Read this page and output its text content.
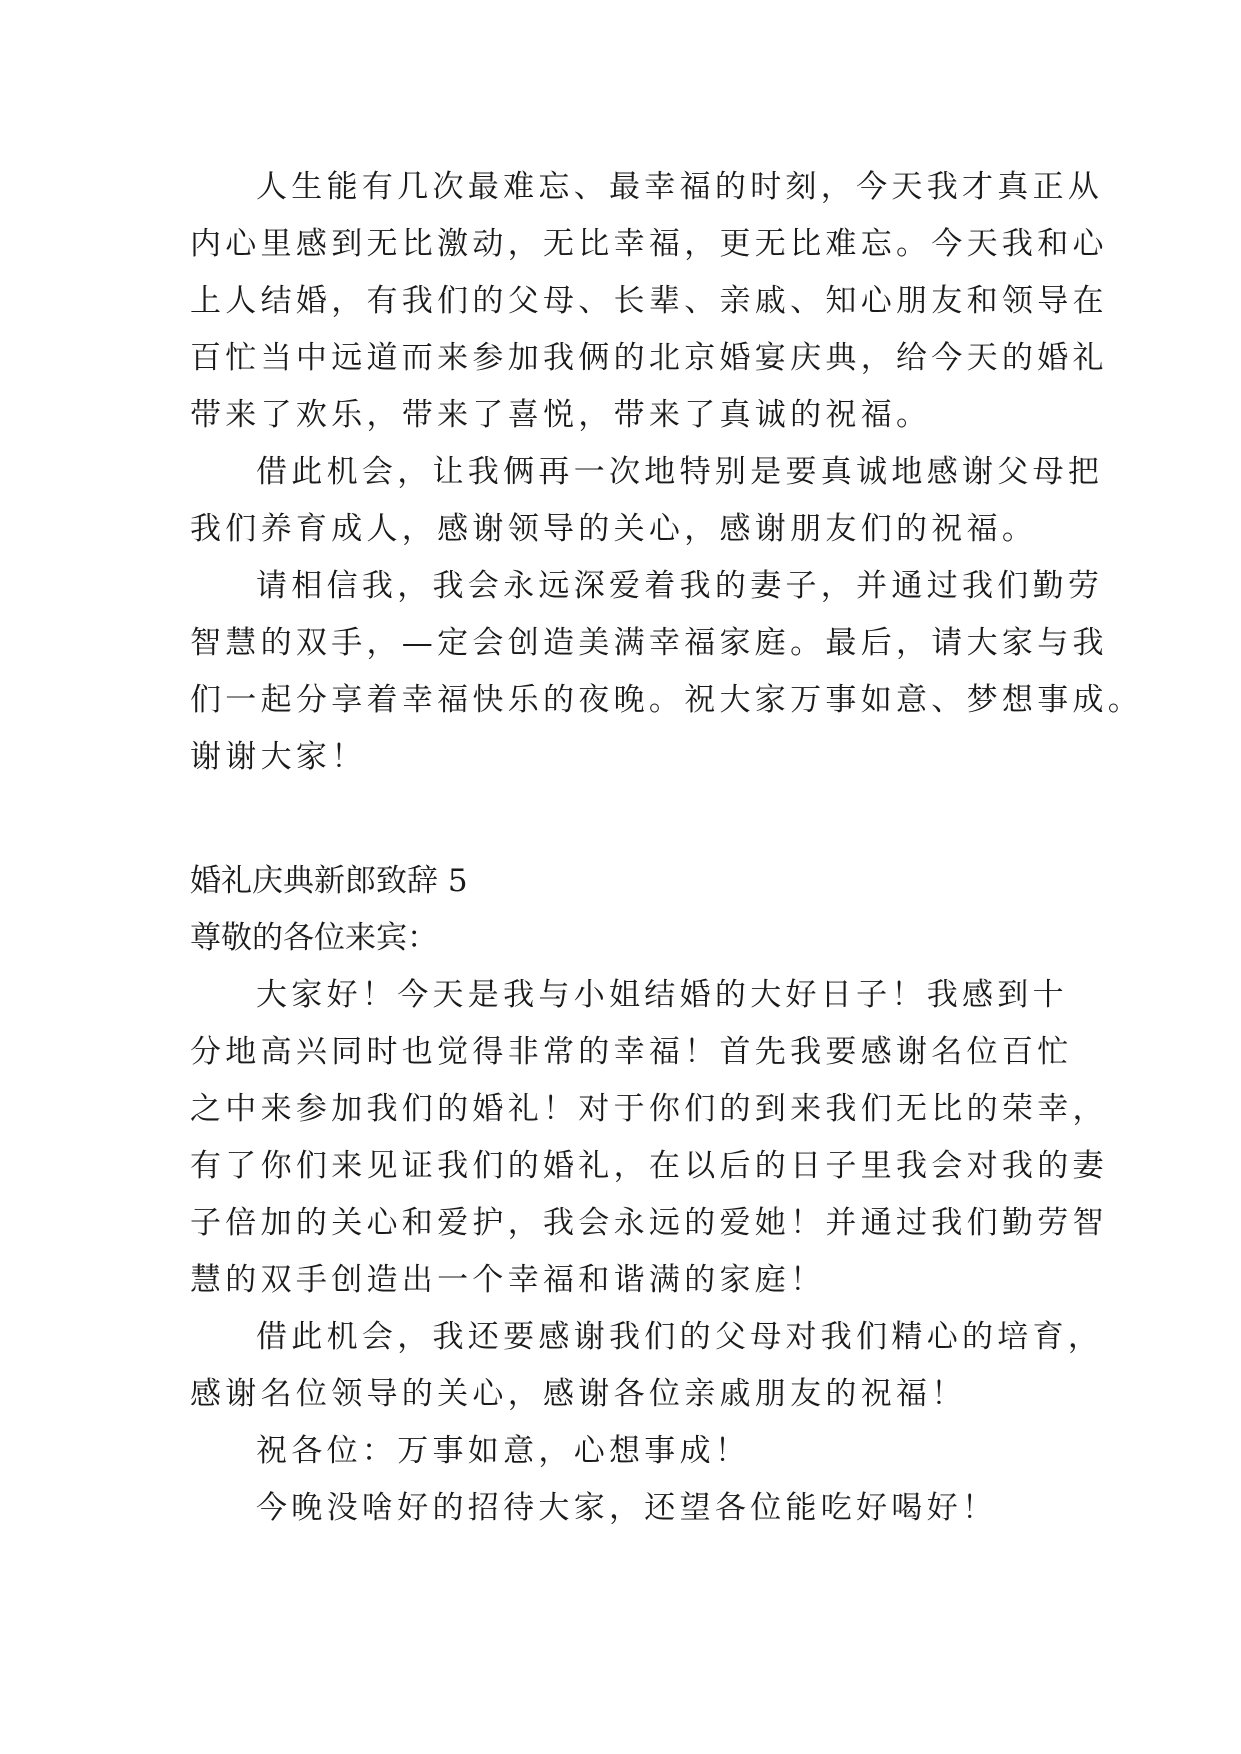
人生能有几次最难忘、最幸福的时刻，今天我才真正从
内心里感到无比激动，无比幸福，更无比难忘。今天我和心
上人结婚，有我们的父母、长辈、亲戚、知心朋友和领导在
百忙当中远道而来参加我俩的北京婚宴庆典，给今天的婚礼
带来了欢乐，带来了喜悦，带来了真诚的祝福。
借此机会，让我俩再一次地特别是要真诚地感谢父母把
我们养育成人，感谢领导的关心，感谢朋友们的祝福。
请相信我，我会永远深爱着我的妻子，并通过我们勤劳
智慧的双手，—定会创造美满幸福家庭。最后，请大家与我
们一起分享着幸福快乐的夜晚。祝大家万事如意、梦想事成。
谢谢大家！
婚礼庆典新郎致辞 5
尊敬的各位来宾：
大家好！今天是我与小姐结婚的大好日子！我感到十
分地高兴同时也觉得非常的幸福！首先我要感谢名位百忙
之中来参加我们的婚礼！对于你们的到来我们无比的荣幸，
有了你们来见证我们的婚礼，在以后的日子里我会对我的妻
子倍加的关心和爱护，我会永远的爱她！并通过我们勤劳智
慧的双手创造出一个幸福和谐满的家庭！
借此机会，我还要感谢我们的父母对我们精心的培育，
感谢名位领导的关心，感谢各位亲戚朋友的祝福！
祝各位：万事如意，心想事成！
今晚没啥好的招待大家，还望各位能吃好喝好！
